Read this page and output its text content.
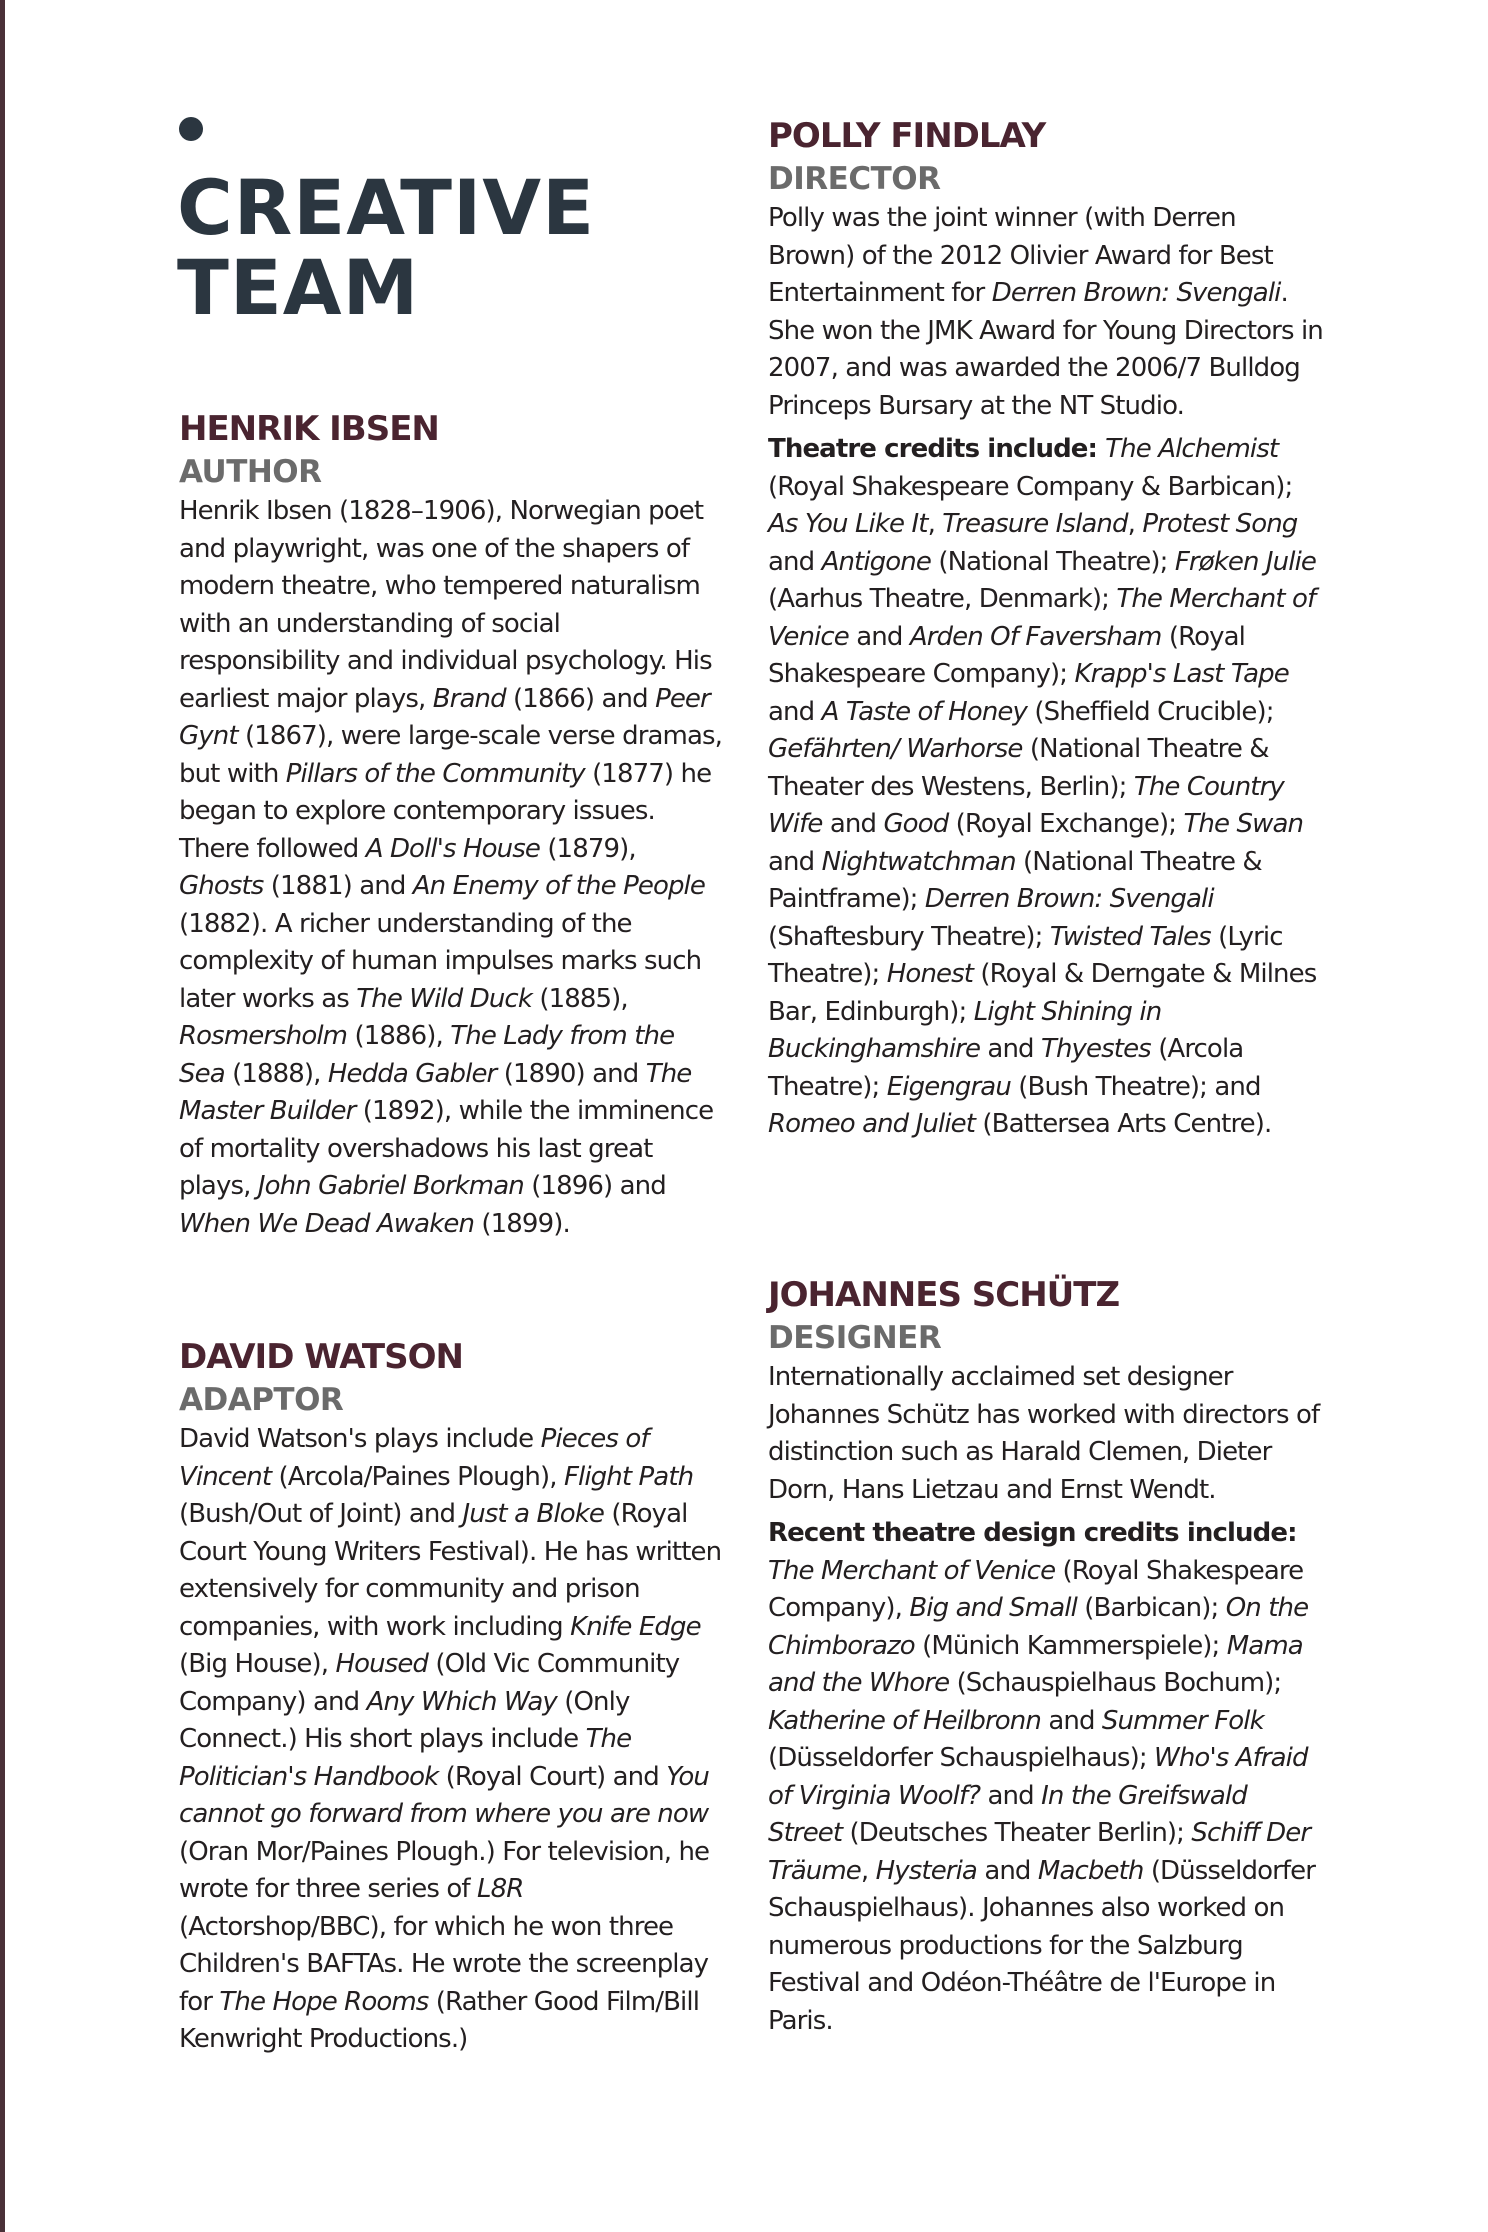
CREATIVE
TEAM
HENRIK IBSEN
AUTHOR

Henrik Ibsen (1828–1906), Norwegian poet and playwright, was one of the shapers of modern theatre, who tempered naturalism with an understanding of social responsibility and individual psychology. His earliest major plays, Brand (1866) and Peer Gynt (1867), were large-scale verse dramas, but with Pillars of the Community (1877) he began to explore contemporary issues. There followed A Doll's House (1879), Ghosts (1881) and An Enemy of the People (1882). A richer understanding of the complexity of human impulses marks such later works as The Wild Duck (1885), Rosmersholm (1886), The Lady from the Sea (1888), Hedda Gabler (1890) and The Master Builder (1892), while the imminence of mortality overshadows his last great plays, John Gabriel Borkman (1896) and When We Dead Awaken (1899).

DAVID WATSON
ADAPTOR

David Watson's plays include Pieces of Vincent (Arcola/Paines Plough), Flight Path (Bush/Out of Joint) and Just a Bloke (Royal Court Young Writers Festival). He has written extensively for community and prison companies, with work including Knife Edge (Big House), Housed (Old Vic Community Company) and Any Which Way (Only Connect.) His short plays include The Politician's Handbook (Royal Court) and You cannot go forward from where you are now (Oran Mor/Paines Plough.) For television, he wrote for three series of L8R (Actorshop/BBC), for which he won three Children's BAFTAs. He wrote the screenplay for The Hope Rooms (Rather Good Film/Bill Kenwright Productions.)

POLLY FINDLAY
DIRECTOR

Polly was the joint winner (with Derren Brown) of the 2012 Olivier Award for Best Entertainment for Derren Brown: Svengali. She won the JMK Award for Young Directors in 2007, and was awarded the 2006/7 Bulldog Princeps Bursary at the NT Studio.

Theatre credits include: The Alchemist (Royal Shakespeare Company & Barbican); As You Like It, Treasure Island, Protest Song and Antigone (National Theatre); Frøken Julie (Aarhus Theatre, Denmark); The Merchant of Venice and Arden Of Faversham (Royal Shakespeare Company); Krapp's Last Tape and A Taste of Honey (Sheffield Crucible); Gefährten/ Warhorse (National Theatre & Theater des Westens, Berlin); The Country Wife and Good (Royal Exchange); The Swan and Nightwatchman (National Theatre & Paintframe); Derren Brown: Svengali (Shaftesbury Theatre); Twisted Tales (Lyric Theatre); Honest (Royal & Derngate & Milnes Bar, Edinburgh); Light Shining in Buckinghamshire and Thyestes (Arcola Theatre); Eigengrau (Bush Theatre); and Romeo and Juliet (Battersea Arts Centre).

JOHANNES SCHÜTZ
DESIGNER

Internationally acclaimed set designer Johannes Schütz has worked with directors of distinction such as Harald Clemen, Dieter Dorn, Hans Lietzau and Ernst Wendt.

Recent theatre design credits include: The Merchant of Venice (Royal Shakespeare Company), Big and Small (Barbican); On the Chimborazo (Münich Kammerspiele); Mama and the Whore (Schauspielhaus Bochum); Katherine of Heilbronn and Summer Folk (Düsseldorfer Schauspielhaus); Who's Afraid of Virginia Woolf? and In the Greifswald Street (Deutsches Theater Berlin); Schiff Der Träume, Hysteria and Macbeth (Düsseldorfer Schauspielhaus). Johannes also worked on numerous productions for the Salzburg Festival and Odéon-Théâtre de l'Europe in Paris.
